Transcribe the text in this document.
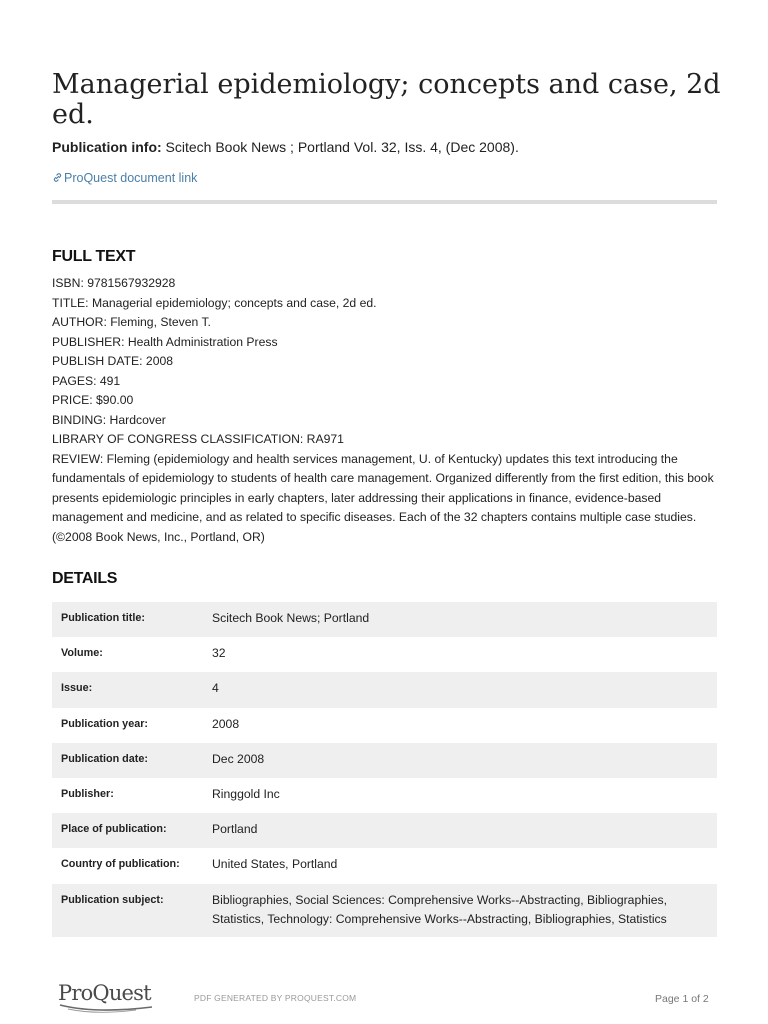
Managerial epidemiology; concepts and case, 2d ed.
Publication info: Scitech Book News ; Portland Vol. 32, Iss. 4, (Dec 2008).
ProQuest document link
FULL TEXT
ISBN: 9781567932928
TITLE: Managerial epidemiology; concepts and case, 2d ed.
AUTHOR: Fleming, Steven T.
PUBLISHER: Health Administration Press
PUBLISH DATE: 2008
PAGES: 491
PRICE: $90.00
BINDING: Hardcover
LIBRARY OF CONGRESS CLASSIFICATION: RA971
REVIEW: Fleming (epidemiology and health services management, U. of Kentucky) updates this text introducing the fundamentals of epidemiology to students of health care management. Organized differently from the first edition, this book presents epidemiologic principles in early chapters, later addressing their applications in finance, evidence-based management and medicine, and as related to specific diseases. Each of the 32 chapters contains multiple case studies. (©2008 Book News, Inc., Portland, OR)
DETAILS
Publication title:	Scitech Book News; Portland
Volume:	32
Issue:	4
Publication year:	2008
Publication date:	Dec 2008
Publisher:	Ringgold Inc
Place of publication:	Portland
Country of publication:	United States, Portland
Publication subject:	Bibliographies, Social Sciences: Comprehensive Works--Abstracting, Bibliographies, Statistics, Technology: Comprehensive Works--Abstracting, Bibliographies, Statistics
ProQuest	PDF GENERATED BY PROQUEST.COM	Page 1 of 2
